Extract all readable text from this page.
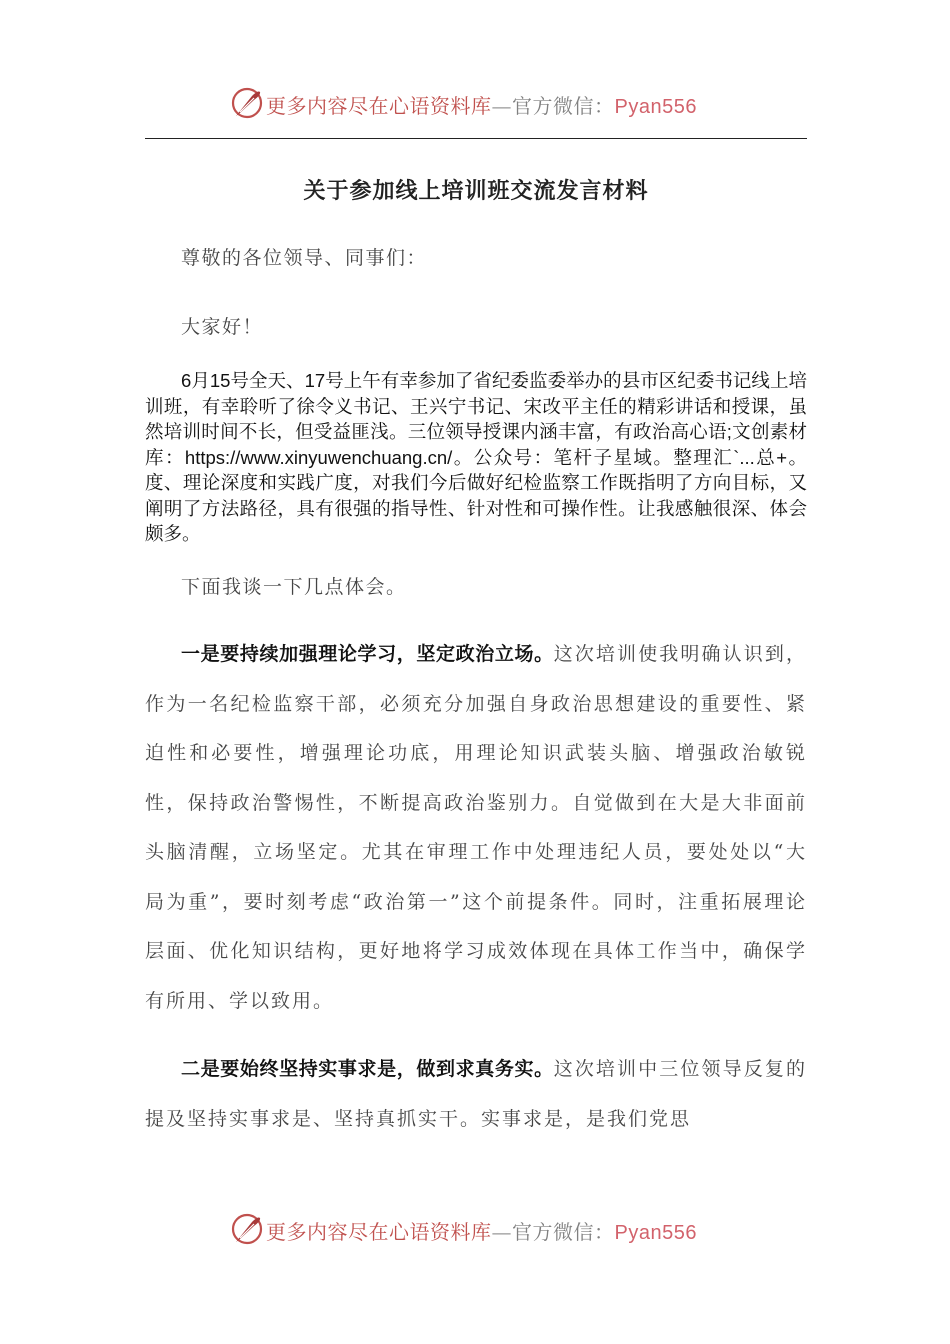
更多内容尽在心语资料库—官方微信：Pyan556
关于参加线上培训班交流发言材料
尊敬的各位领导、同事们：
大家好！
6月15号全天、17号上午有幸参加了省纪委监委举办的县市区纪委书记线上培训班，有幸聆听了徐令义书记、王兴宁书记、宋改平主任的精彩讲话和授课，虽然培训时间不长，但受益匪浅。三位领导授课内涵丰富，有政治高心语;文创素材库：https://www.xinyuwenchuang.cn/。公众号：笔杆子星域。整理汇`...总+。度、理论深度和实践广度，对我们今后做好纪检监察工作既指明了方向目标，又阐明了方法路径，具有很强的指导性、针对性和可操作性。让我感触很深、体会颇多。
下面我谈一下几点体会。
一是要持续加强理论学习，坚定政治立场。这次培训使我明确认识到，作为一名纪检监察干部，必须充分加强自身政治思想建设的重要性、紧迫性和必要性，增强理论功底，用理论知识武装头脑、增强政治敏锐性，保持政治警惕性，不断提高政治鉴别力。自觉做到在大是大非面前头脑清醒，立场坚定。尤其在审理工作中处理违纪人员，要处处以“大局为重”，要时刻考虑“政治第一”这个前提条件。同时，注重拓展理论层面、优化知识结构，更好地将学习成效体现在具体工作当中，确保学有所用、学以致用。
二是要始终坚持实事求是，做到求真务实。这次培训中三位领导反复的提及坚持实事求是、坚持真抓实干。实事求是，是我们党思
更多内容尽在心语资料库—官方微信：Pyan556
